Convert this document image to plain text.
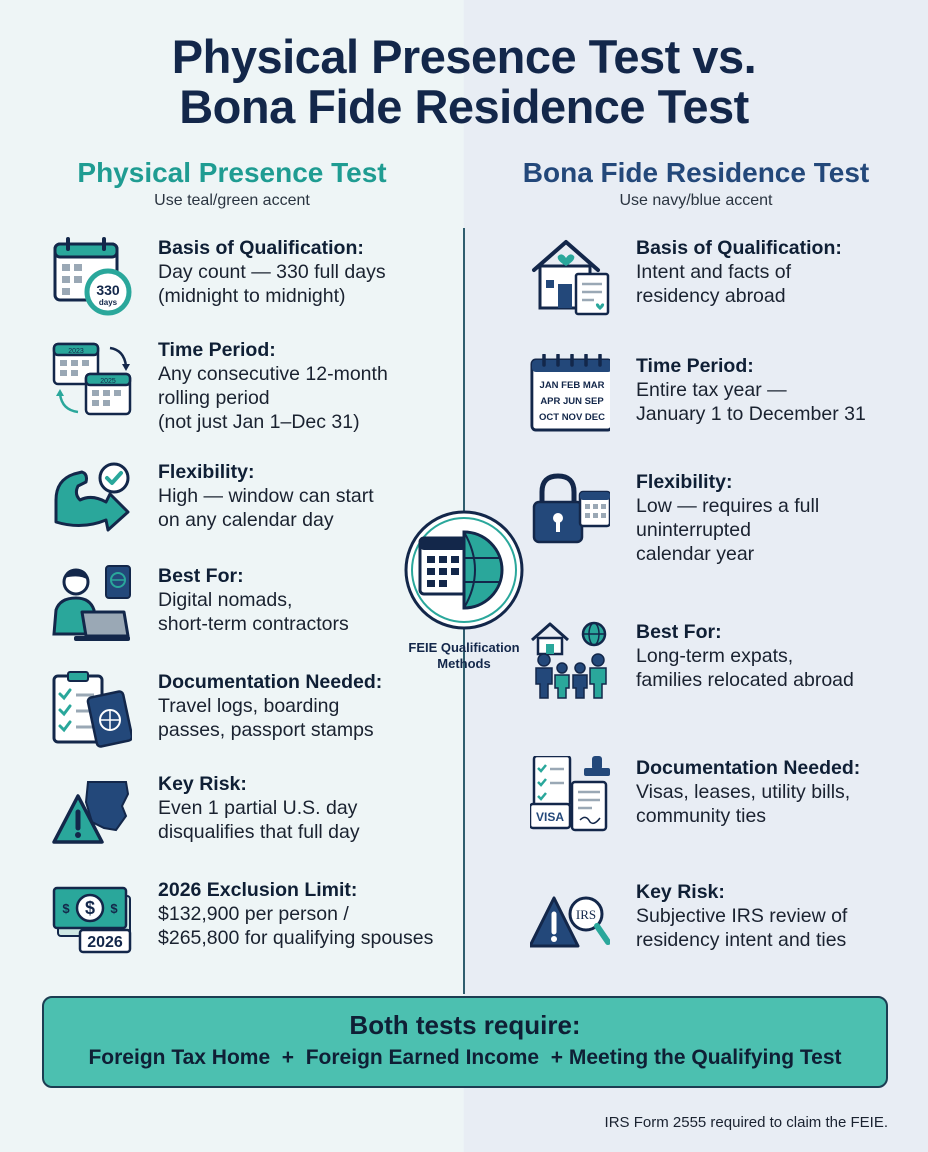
Physical Presence Test vs.
Bona Fide Residence Test
Physical Presence Test
Use teal/green accent
Bona Fide Residence Test
Use navy/blue accent
330
days
Basis of Qualification:
Day count — 330 full days
(midnight to midnight)
2023
2025
Time Period:
Any consecutive 12-month
rolling period
(not just Jan 1–Dec 31)
Flexibility:
High — window can start
on any calendar day
Best For:
Digital nomads,
short-term contractors
Documentation Needed:
Travel logs, boarding
passes, passport stamps
Key Risk:
Even 1 partial U.S. day
disqualifies that full day
$
$	$
2026
2026 Exclusion Limit:
$132,900 per person /
$265,800 for qualifying spouses
Basis of Qualification:
Intent and facts of
residency abroad
JAN FEB MAR
APR JUN SEP
OCT NOV DEC
Time Period:
Entire tax year —
January 1 to December 31
Flexibility:
Low — requires a full
uninterrupted
calendar year
Best For:
Long-term expats,
families relocated abroad
VISA
Documentation Needed:
Visas, leases, utility bills,
community ties
IRS
Key Risk:
Subjective IRS review of
residency intent and ties
FEIE Qualification Methods
Both tests require:
Foreign Tax Home  +  Foreign Earned Income  + Meeting the Qualifying Test
IRS Form 2555 required to claim the FEIE.
